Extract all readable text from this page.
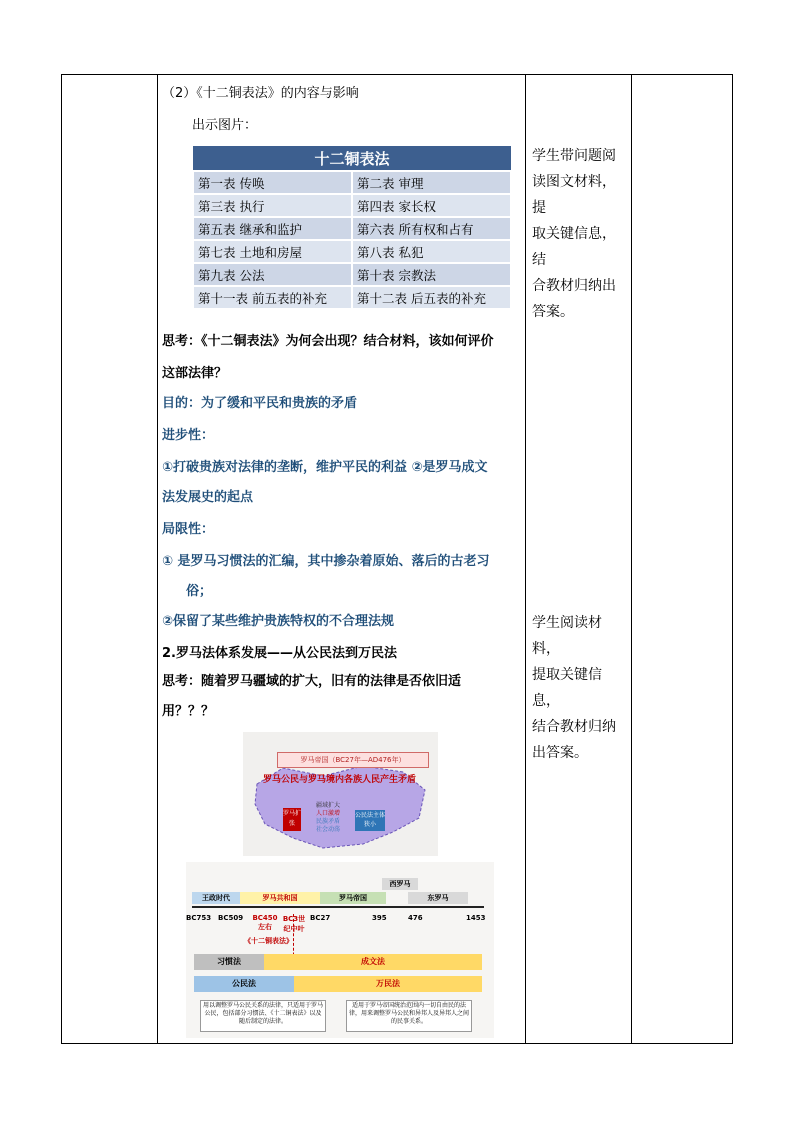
（2）《十二铜表法》的内容与影响
出示图片：
十二铜表法	
第一表 传唤	第二表 审理
第三表 执行	第四表 家长权
第五表 继承和监护	第六表 所有权和占有
第七表 土地和房屋	第八表 私犯
第九表 公法	第十表 宗教法
第十一表 前五表的补充	第十二表 后五表的补充
思考：《十二铜表法》为何会出现？结合材料，该如何评价
这部法律？
目的：为了缓和平民和贵族的矛盾
进步性：
①打破贵族对法律的垄断，维护平民的利益 ②是罗马成文
法发展史的起点
局限性：
① 是罗马习惯法的汇编，其中掺杂着原始、落后的古老习
俗；
②保留了某些维护贵族特权的不合理法规
2.罗马法体系发展——从公民法到万民法
思考：随着罗马疆域的扩大，旧有的法律是否依旧适
用？？？
学生带问题阅
读图文材料，提
取关键信息，结
合教材归纳出
答案。
学生阅读材料，
提取关键信息，
结合教材归纳
出答案。
罗马帝国（BC27年—AD476年）
罗马公民与罗马境内各族人民产生矛盾
罗马扩张
疆域扩大
人口激增
民族矛盾
社会动荡
公民法主体狭小
王政时代	罗马共和国	罗马帝国
西罗马
东罗马
BC753 BC509 BC450左右
BC3世纪中叶
BC27	395	476	1453
《十二铜表法》
习惯法	成文法
公民法	万民法
用以调整罗马公民关系的法律，只适用于罗马公民，包括部分习惯法、《十二铜表法》以及随后制定的法律。
适用于罗马帝国统治范围内一切自由民的法律，用来调整罗马公民和异邦人及异邦人之间的民事关系。
